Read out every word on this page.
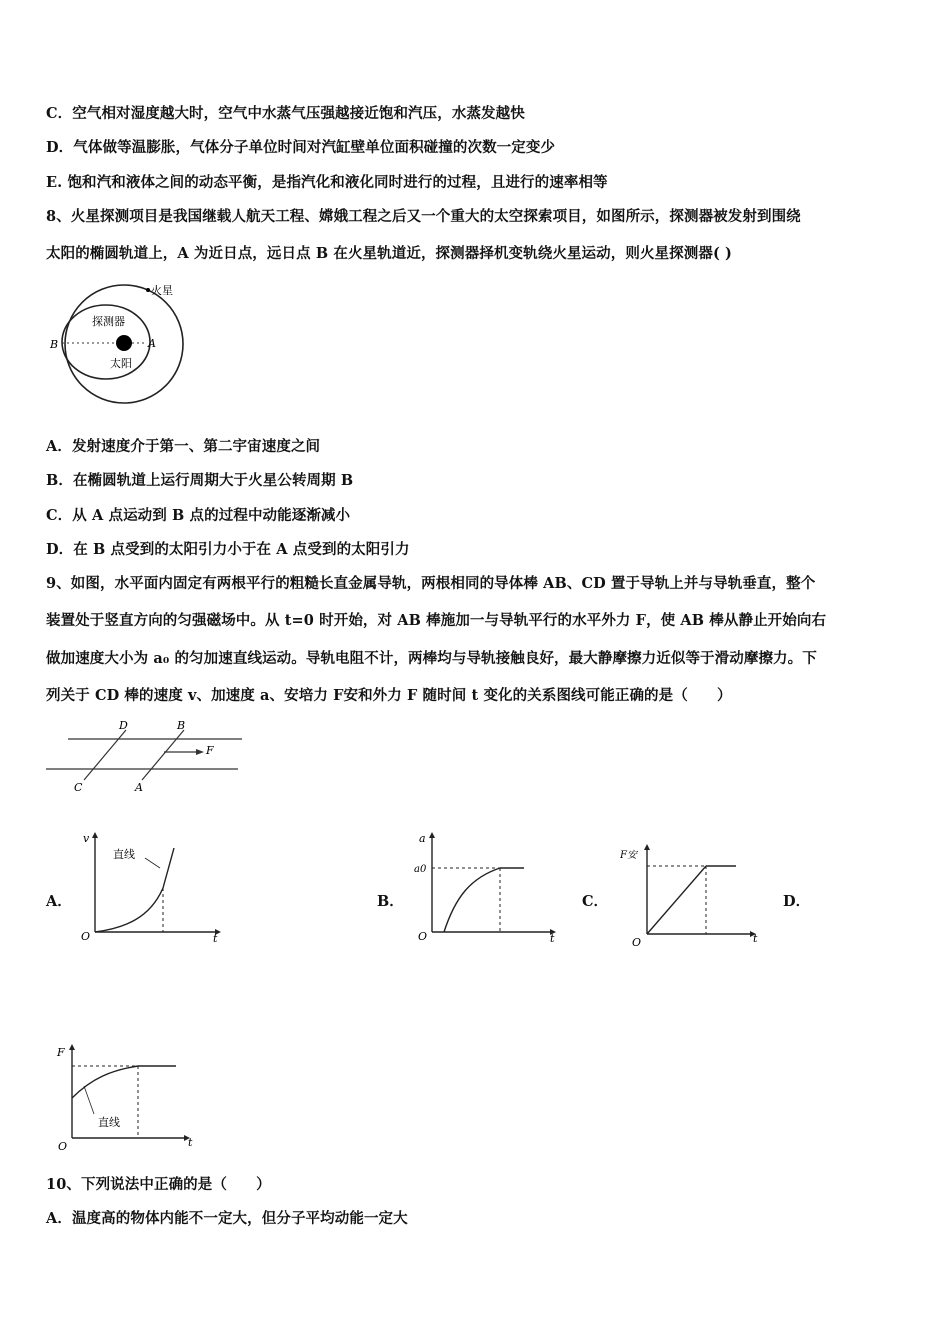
C．空气相对湿度越大时，空气中水蒸气压强越接近饱和汽压，水蒸发越快
D．气体做等温膨胀，气体分子单位时间对汽缸壁单位面积碰撞的次数一定变少
E. 饱和汽和液体之间的动态平衡，是指汽化和液化同时进行的过程，且进行的速率相等
8、火星探测项目是我国继载人航天工程、嫦娥工程之后又一个重大的太空探索项目，如图所示，探测器被发射到围绕
太阳的椭圆轨道上，A 为近日点，远日点 B 在火星轨道近，探测器择机变轨绕火星运动，则火星探测器( )
火星
探测器
太阳
A
B
A．发射速度介于第一、第二宇宙速度之间
B．在椭圆轨道上运行周期大于火星公转周期 B
C．从 A 点运动到 B 点的过程中动能逐渐减小
D．在 B 点受到的太阳引力小于在 A 点受到的太阳引力
9、如图，水平面内固定有两根平行的粗糙长直金属导轨，两根相同的导体棒 AB、CD 置于导轨上并与导轨垂直，整个
装置处于竖直方向的匀强磁场中。从 t=0 时开始，对 AB 棒施加一与导轨平行的水平外力 F，使 AB 棒从静止开始向右
做加速度大小为 a₀ 的匀加速直线运动。导轨电阻不计，两棒均与导轨接触良好，最大静摩擦力近似等于滑动摩擦力。下
列关于 CD 棒的速度 v、加速度 a、安培力 F安和外力 F 随时间 t 变化的关系图线可能正确的是（　　）
D	B
C	A
F
A．
直线
v
t
O
B．
a
a0
t
O
C．
F安
t
O
D．
直线
F
t
O
10、下列说法中正确的是（　　）
A．温度高的物体内能不一定大，但分子平均动能一定大
